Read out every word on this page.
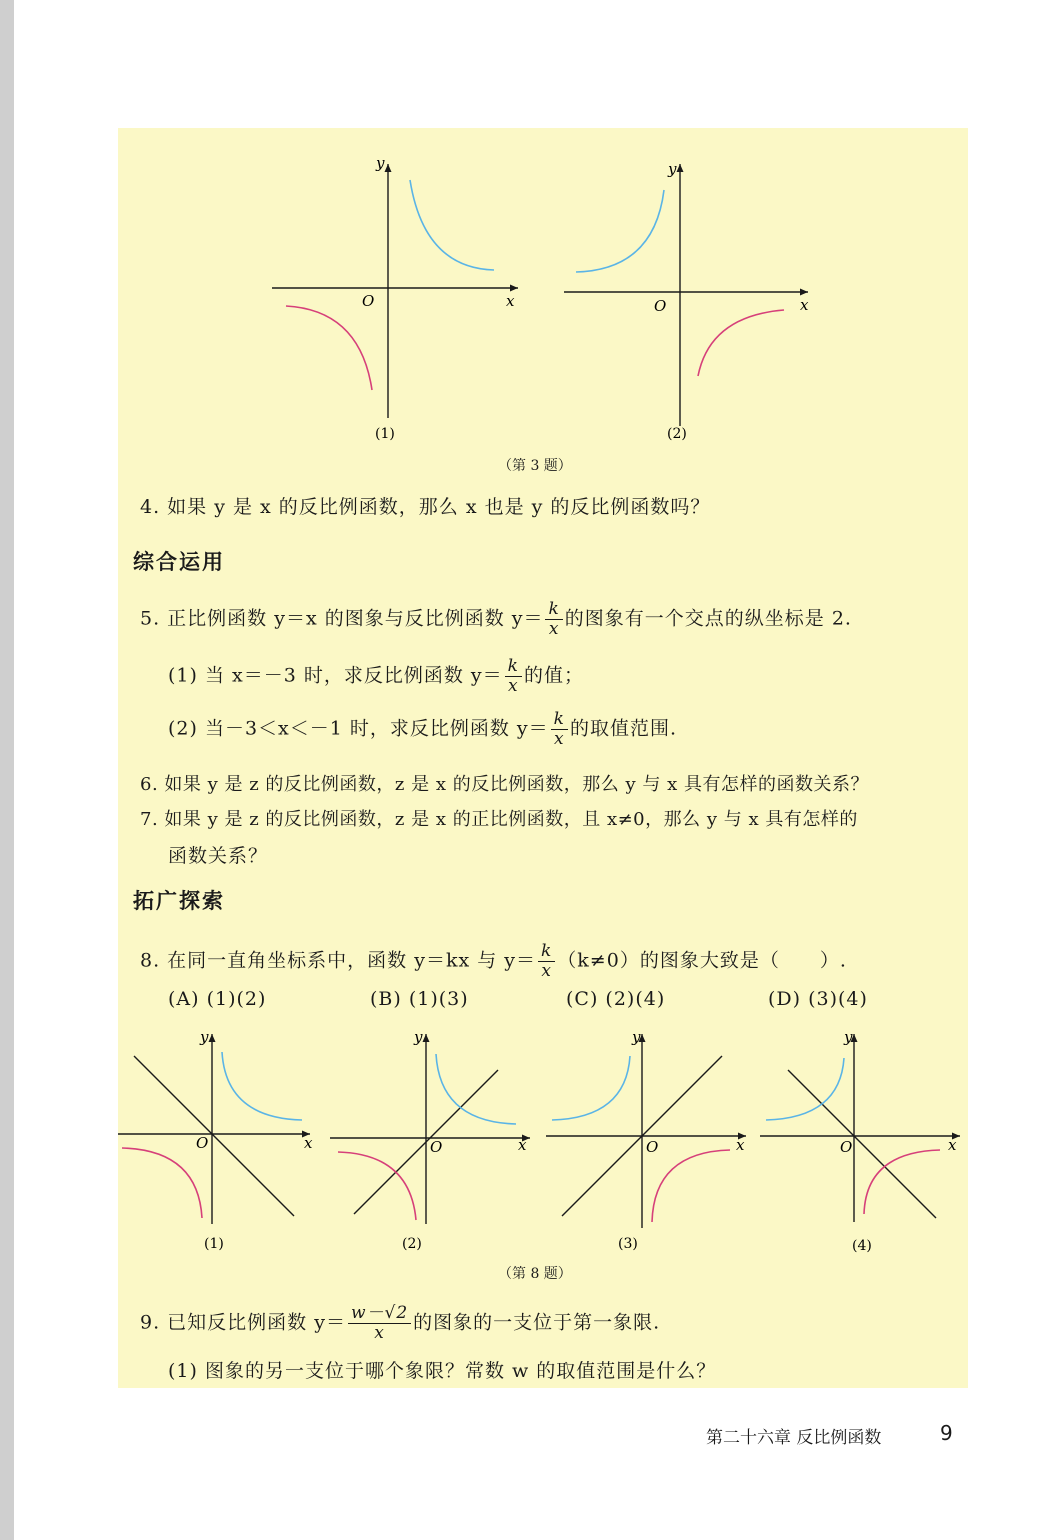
y
x
O
(1)
y
x
O
(2)
（第 3 题）
4. 如果 y 是 x 的反比例函数，那么 x 也是 y 的反比例函数吗？
综合运用
5. 正比例函数 y＝x 的图象与反比例函数 $y= \frac{k}{x}$ 的图象有一个交点的纵坐标是 2.
(1) 当 x＝－3 时，求反比例函数 $y= \frac{k}{x}$ 的值；
(2) 当－3＜x＜－1 时，求反比例函数 $y= \frac{k}{x}$ 的取值范围.
6. 如果 y 是 z 的反比例函数，z 是 x 的反比例函数，那么 y 与 x 具有怎样的函数关系？
7. 如果 y 是 z 的反比例函数，z 是 x 的正比例函数，且 x≠0，那么 y 与 x 具有怎样的
函数关系？
拓广探索
8. 在同一直角坐标系中，函数 y＝kx 与 $y= \frac{k}{x} (k\ne 0)$的图象大致是（　　）.
(A) (1)(2)	(B) (1)(3)	(C) (2)(4)	(D) (3)(4)
y
x
O
(1)
y
x
O
(2)
y
x
O
(3)
y
x
O
(4)
（第 8 题）
9. 已知反比例函数 $y= \frac{w-√2}{x}$ 的图象的一支位于第一象限.
(1) 图象的另一支位于哪个象限？常数 w 的取值范围是什么？
第二十六章 反比例函数	9
